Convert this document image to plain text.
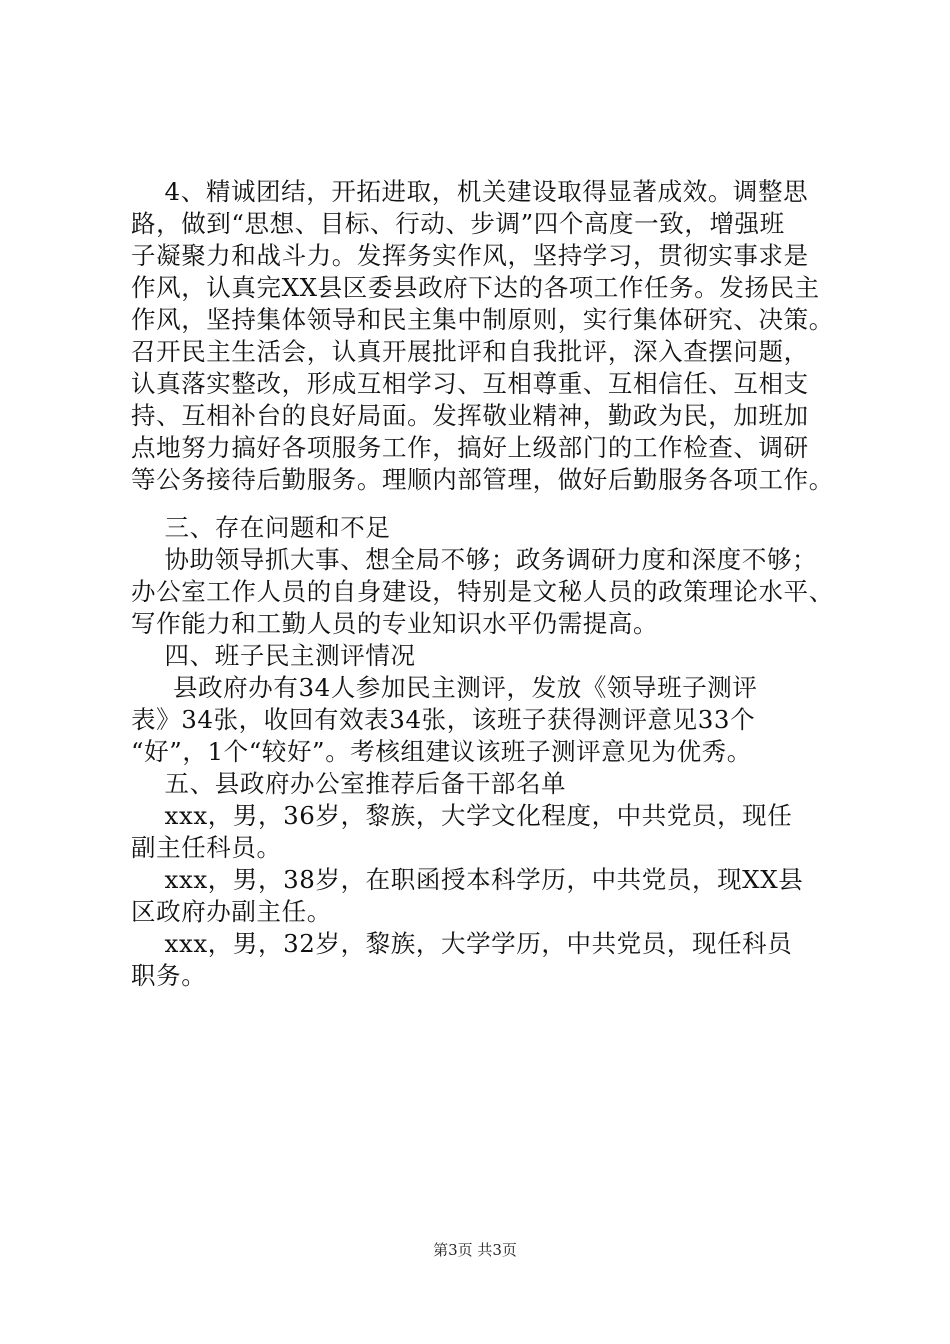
4、精诚团结，开拓进取，机关建设取得显著成效。调整思
路，做到“思想、目标、行动、步调”四个高度一致，增强班
子凝聚力和战斗力。发挥务实作风，坚持学习，贯彻实事求是
作风，认真完XX县区委县政府下达的各项工作任务。发扬民主
作风，坚持集体领导和民主集中制原则，实行集体研究、决策。
召开民主生活会，认真开展批评和自我批评，深入查摆问题，
认真落实整改，形成互相学习、互相尊重、互相信任、互相支
持、互相补台的良好局面。发挥敬业精神，勤政为民，加班加
点地努力搞好各项服务工作，搞好上级部门的工作检查、调研
等公务接待后勤服务。理顺内部管理，做好后勤服务各项工作。
三、存在问题和不足
协助领导抓大事、想全局不够；政务调研力度和深度不够；
办公室工作人员的自身建设，特别是文秘人员的政策理论水平、
写作能力和工勤人员的专业知识水平仍需提高。
四、班子民主测评情况
县政府办有34人参加民主测评，发放《领导班子测评
表》34张，收回有效表34张，该班子获得测评意见33个
“好”，1个“较好”。考核组建议该班子测评意见为优秀。
五、县政府办公室推荐后备干部名单
xxx，男，36岁，黎族，大学文化程度，中共党员，现任
副主任科员。
xxx，男，38岁，在职函授本科学历，中共党员，现XX县
区政府办副主任。
xxx，男，32岁，黎族，大学学历，中共党员，现任科员
职务。
第3页 共3页
